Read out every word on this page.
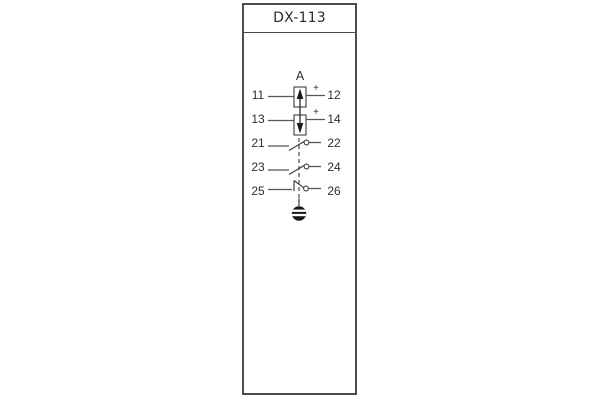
DX-113
A
+
+
11	12
13	14
21	22
23	24
25	26
